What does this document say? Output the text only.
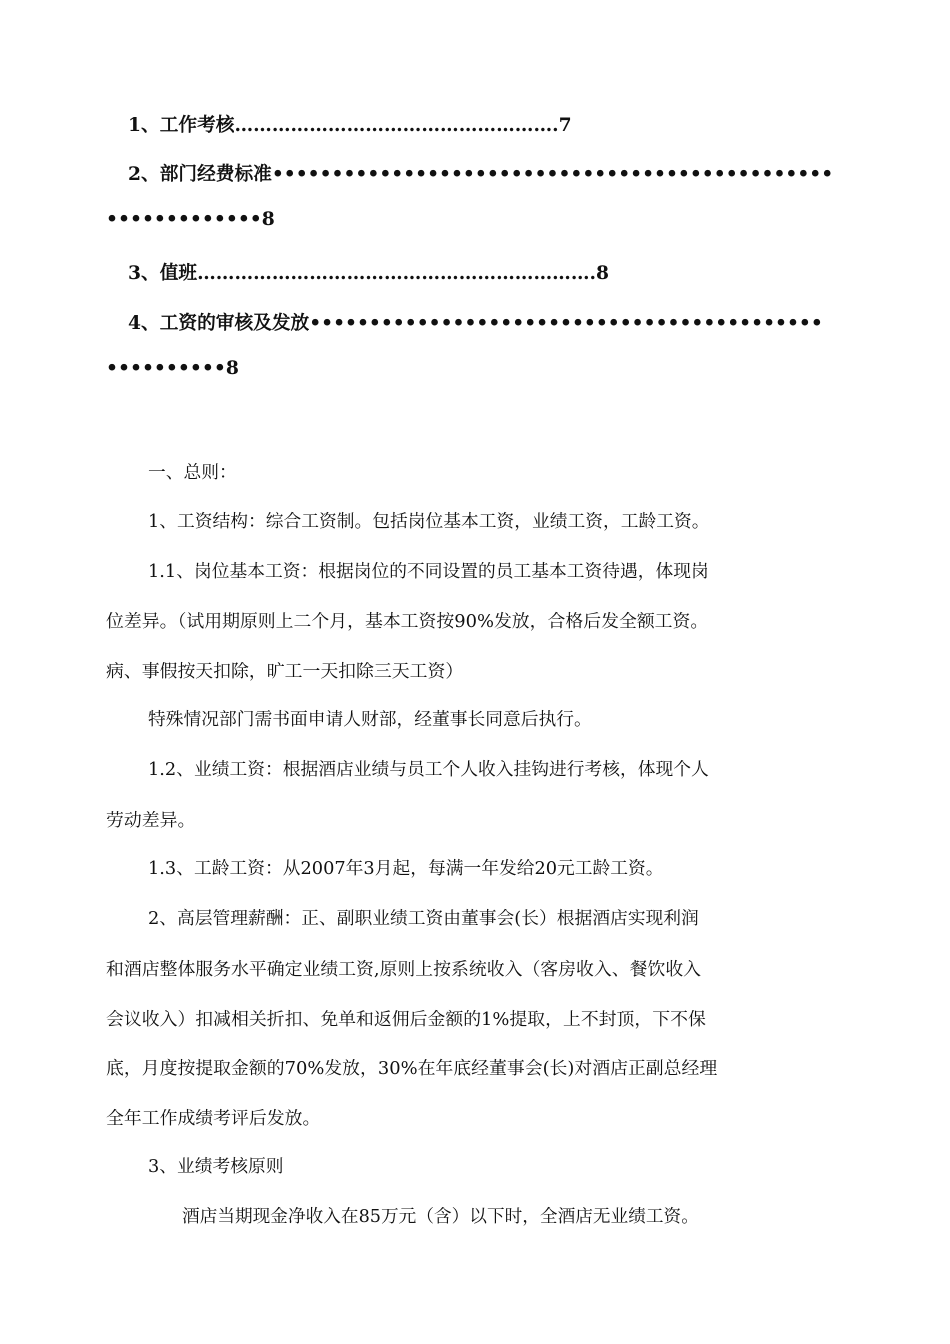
1、工作考核…………………………………………….7
2、部门经费标准•••••••••••••••••••••••••••••••••••••••••••••••
•••••••••••••8
3、值班……………………………………………………….8
4、工资的审核及发放•••••••••••••••••••••••••••••••••••••••••••
••••••••••8
一、总则：
1、工资结构：综合工资制。包括岗位基本工资，业绩工资，工龄工资。
1.1、岗位基本工资：根据岗位的不同设置的员工基本工资待遇，体现岗
位差异。（试用期原则上二个月，基本工资按90%发放，合格后发全额工资。
病、事假按天扣除，旷工一天扣除三天工资）
特殊情况部门需书面申请人财部，经董事长同意后执行。
1.2、业绩工资：根据酒店业绩与员工个人收入挂钩进行考核，体现个人
劳动差异。
1.3、工龄工资：从2007年3月起，每满一年发给20元工龄工资。
2、高层管理薪酬：正、副职业绩工资由董事会(长）根据酒店实现利润
和酒店整体服务水平确定业绩工资,原则上按系统收入（客房收入、餐饮收入
会议收入）扣减相关折扣、免单和返佣后金额的1%提取，上不封顶，下不保
底，月度按提取金额的70%发放，30%在年底经董事会(长)对酒店正副总经理
全年工作成绩考评后发放。
3、业绩考核原则
酒店当期现金净收入在85万元（含）以下时，全酒店无业绩工资。
